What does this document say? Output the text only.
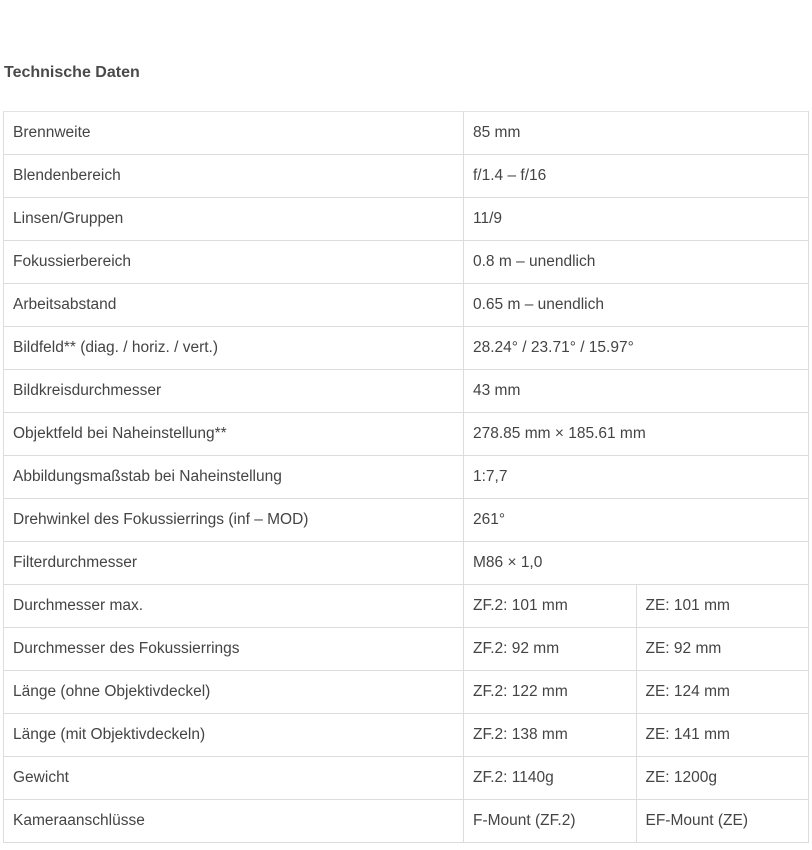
Technische Daten
Brennweite	85 mm	
Blendenbereich	f/1.4 – f/16	
Linsen/Gruppen	11/9	
Fokussierbereich	0.8 m – unendlich	
Arbeitsabstand	0.65 m – unendlich	
Bildfeld** (diag. / horiz. / vert.)	28.24° / 23.71° / 15.97°	
Bildkreisdurchmesser	43 mm	
Objektfeld bei Naheinstellung**	278.85 mm × 185.61 mm	
Abbildungsmaßstab bei Naheinstellung	1:7,7	
Drehwinkel des Fokussierrings (inf – MOD)	261°	
Filterdurchmesser	M86 × 1,0	
Durchmesser max.	ZF.2: 101 mm	ZE: 101 mm
Durchmesser des Fokussierrings	ZF.2: 92 mm	ZE: 92 mm
Länge (ohne Objektivdeckel)	ZF.2: 122 mm	ZE: 124 mm
Länge (mit Objektivdeckeln)	ZF.2: 138 mm	ZE: 141 mm
Gewicht	ZF.2: 1140g	ZE: 1200g
Kameraanschlüsse	F-Mount (ZF.2)	EF-Mount (ZE)
